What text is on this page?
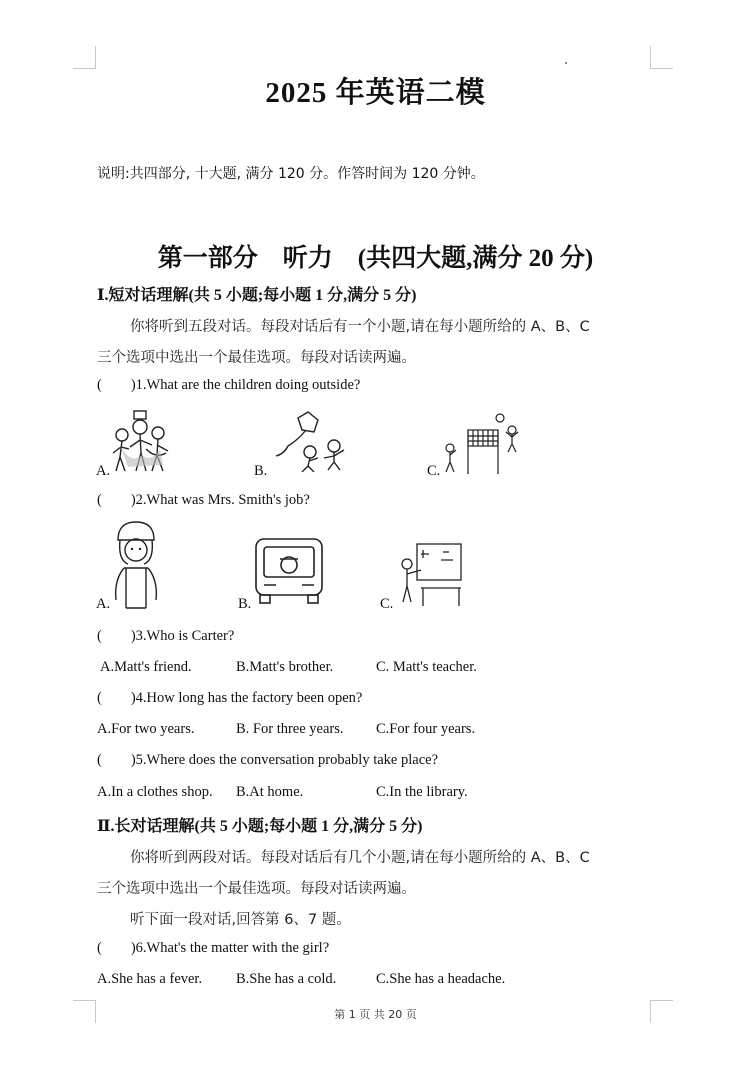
2025 年英语二模
说明:共四部分, 十大题, 满分 120 分。作答时间为 120 分钟。
第一部分    听力    (共四大题,满分 20 分)
Ⅰ.短对话理解(共 5 小题;每小题 1 分,满分 5 分)
你将听到五段对话。每段对话后有一个小题,请在每小题所给的 A、B、C
三个选项中选出一个最佳选项。每段对话读两遍。
(        )1.What are the children doing outside?
A.	B.	C.
(        )2.What was Mrs. Smith's job?
A.	B.	C.
(        )3.Who is Carter?
A.Matt's friend.	B.Matt's brother.	C. Matt's teacher.
(        )4.How long has the factory been open?
A.For two years.	B. For three years. C.For four years.
(        )5.Where does the conversation probably take place?
A.In a clothes shop. B.At home.	C.In the library.
Ⅱ.长对话理解(共 5 小题;每小题 1 分,满分 5 分)
你将听到两段对话。每段对话后有几个小题,请在每小题所给的 A、B、C
三个选项中选出一个最佳选项。每段对话读两遍。
听下面一段对话,回答第 6、7 题。
(        )6.What's the matter with the girl?
A.She has a fever. B.She has a cold.	C.She has a headache.
第 1 页 共 20 页
